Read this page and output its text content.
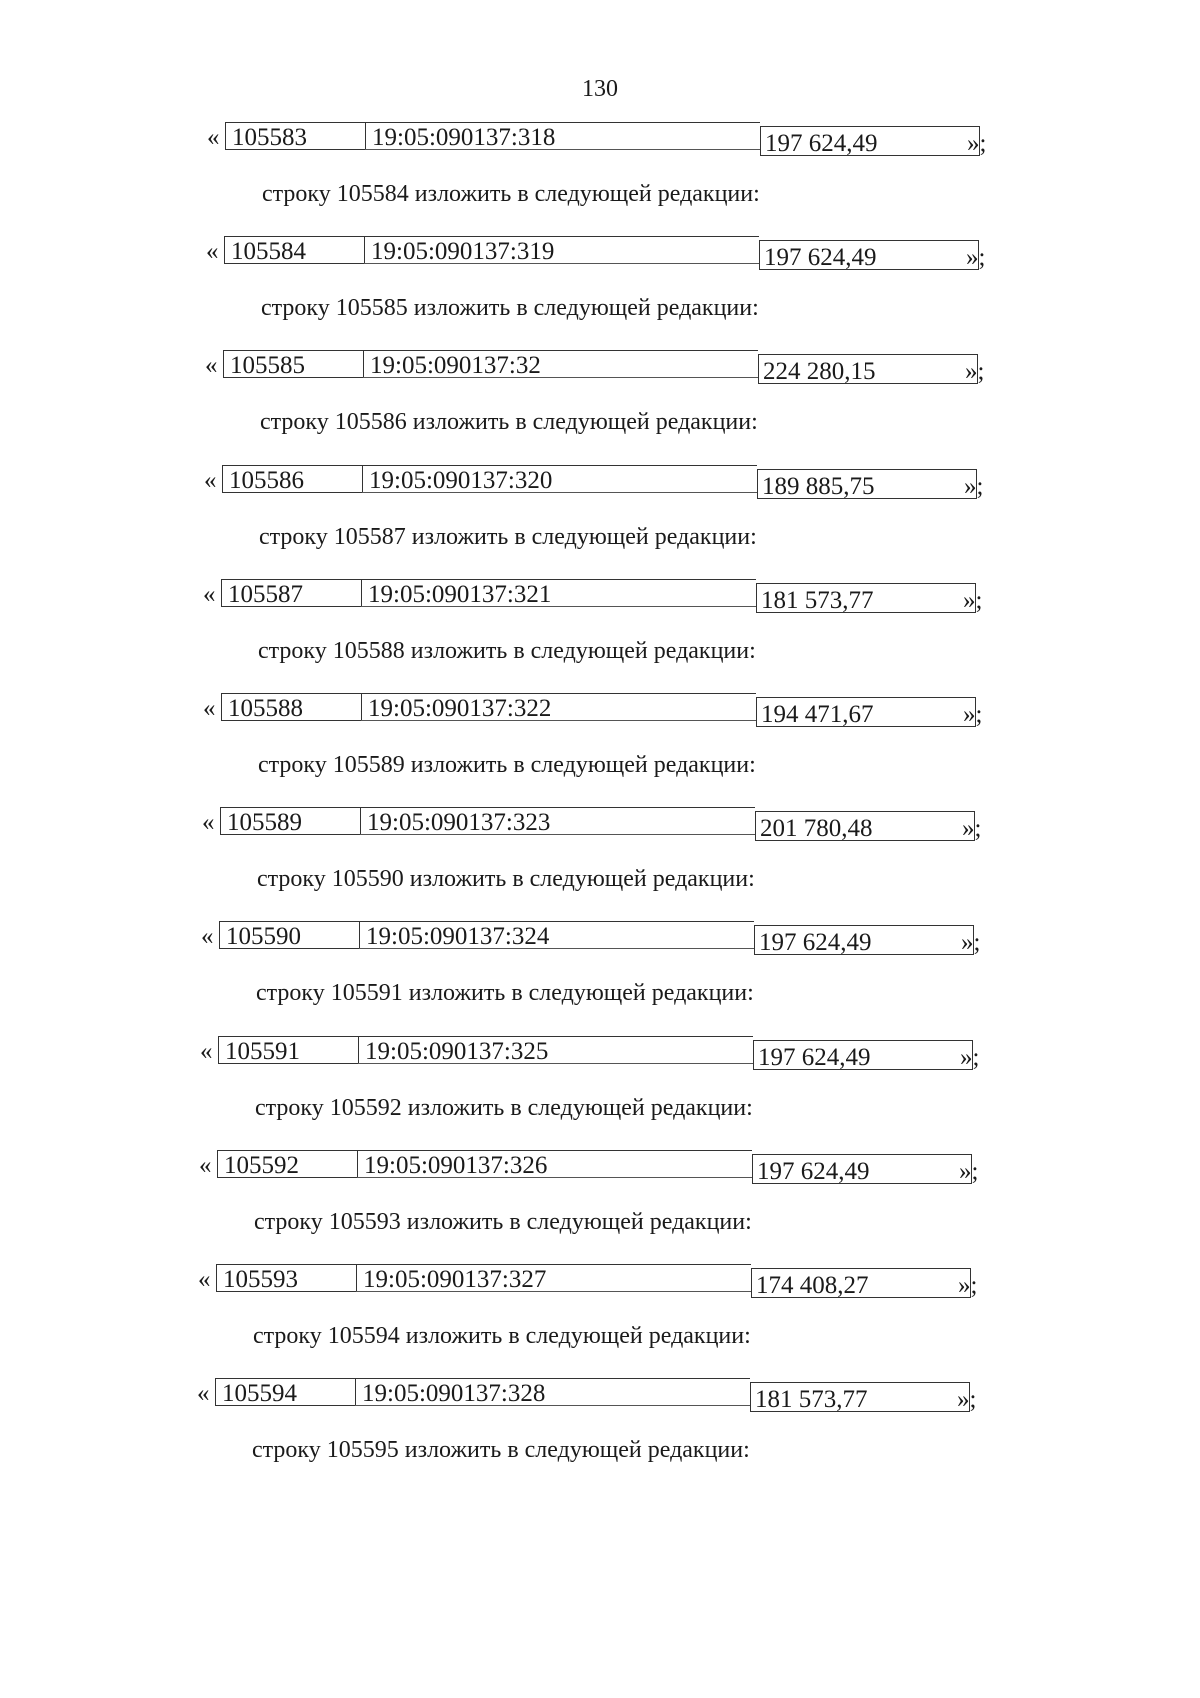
130
« 105583	19:05:090137:318	197 624,49	»;
строку 105584 изложить в следующей редакции:
« 105584	19:05:090137:319	197 624,49	»;
строку 105585 изложить в следующей редакции:
« 105585	19:05:090137:32	224 280,15	»;
строку 105586 изложить в следующей редакции:
« 105586	19:05:090137:320	189 885,75	»;
строку 105587 изложить в следующей редакции:
« 105587	19:05:090137:321	181 573,77	»;
строку 105588 изложить в следующей редакции:
« 105588	19:05:090137:322	194 471,67	»;
строку 105589 изложить в следующей редакции:
« 105589	19:05:090137:323	201 780,48	»;
строку 105590 изложить в следующей редакции:
« 105590	19:05:090137:324	197 624,49	»;
строку 105591 изложить в следующей редакции:
« 105591	19:05:090137:325	197 624,49	»;
строку 105592 изложить в следующей редакции:
« 105592	19:05:090137:326	197 624,49	»;
строку 105593 изложить в следующей редакции:
« 105593	19:05:090137:327	174 408,27	»;
строку 105594 изложить в следующей редакции:
« 105594	19:05:090137:328	181 573,77	»;
строку 105595 изложить в следующей редакции:
